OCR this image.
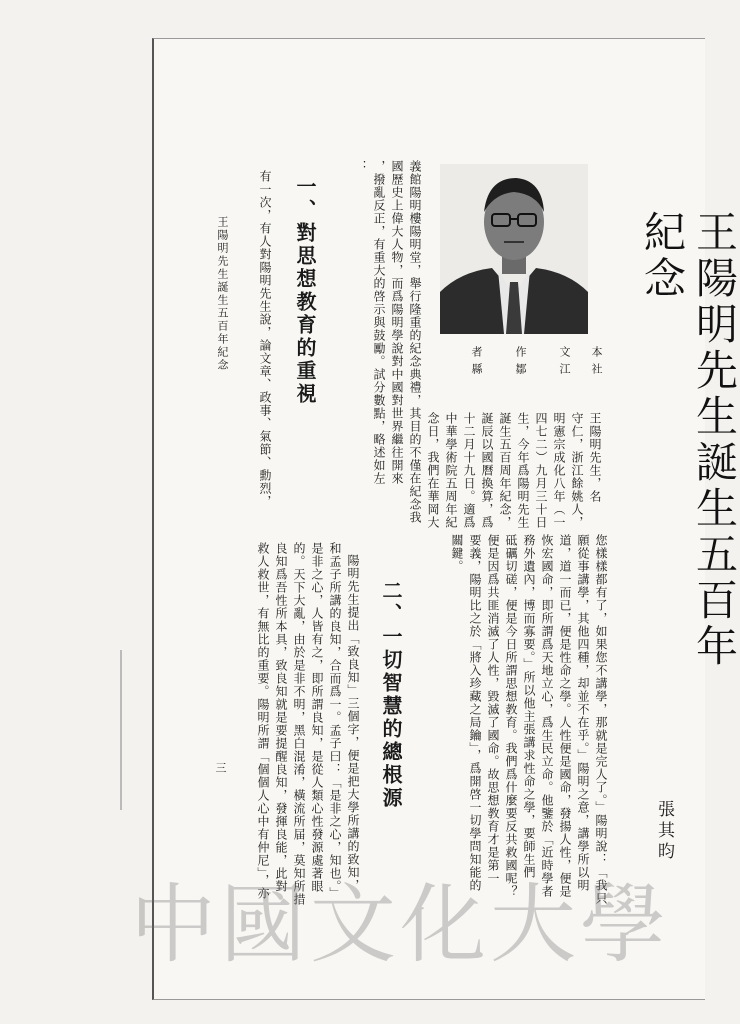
王陽明先生誕生五百年紀念
張其昀
本社
文江
作鄒
者縣
王陽明先生，名
守仁，浙江餘姚人，
明憲宗成化八年（一
四七二）九月三十日
生，今年爲陽明先生
誕生五百周年紀念，
誕辰以國曆換算，爲
十二月十九日。適爲
中華學術院五周年紀
念日，我們在華岡大
義館陽明樓陽明堂，舉行隆重的紀念典禮，其目的不僅在紀念我
國歷史上偉大人物，而爲陽明學說對中國對世界繼往開來
，撥亂反正，有重大的啓示與鼓勵。試分數點，略述如左
：
一、對思想教育的重視
有一次，有人對陽明先生說，論文章、政事、氣節、勳烈，
王陽明先生誕生五百年紀念
您樣樣都有了，如果您不講學，那就是完人了。」陽明說：「我只
願從事講學，其他四種，却並不在乎。」陽明之意，講學所以明
道，道一而已，便是性命之學。人性便是國命，發揚人性，便是
恢宏國命，即所謂爲天地立心，爲生民立命。他鑒於「近時學者
務外遺內，博而寡要。」所以他主張講求性命之學，要師生們
砥礪切磋，便是今日所謂思想教育。我們爲什麼要反共救國呢？
便是因爲共匪消滅了人性，毀滅了國命。故思想教育才是第一
要義，陽明比之於「將入珍藏之局鑰」，爲開啓一切學問知能的
關鍵。
二、一切智慧的總根源
陽明先生提出「致良知」三個字，便是把大學所講的致知，
和孟子所講的良知，合而爲一。孟子曰：「是非之心，知也。」
是非之心，人皆有之，即所謂良知，是從人類心性發源處著眼
的。天下大亂，由於是非不明，黑白混淆，橫流所届，莫知所措
良知爲吾性所本具，致良知就是要提醒良知，發揮良能，此對
救人救世，有無比的重要。陽明所謂「個個人心中有仲尼」，亦
三
中國文化大學
